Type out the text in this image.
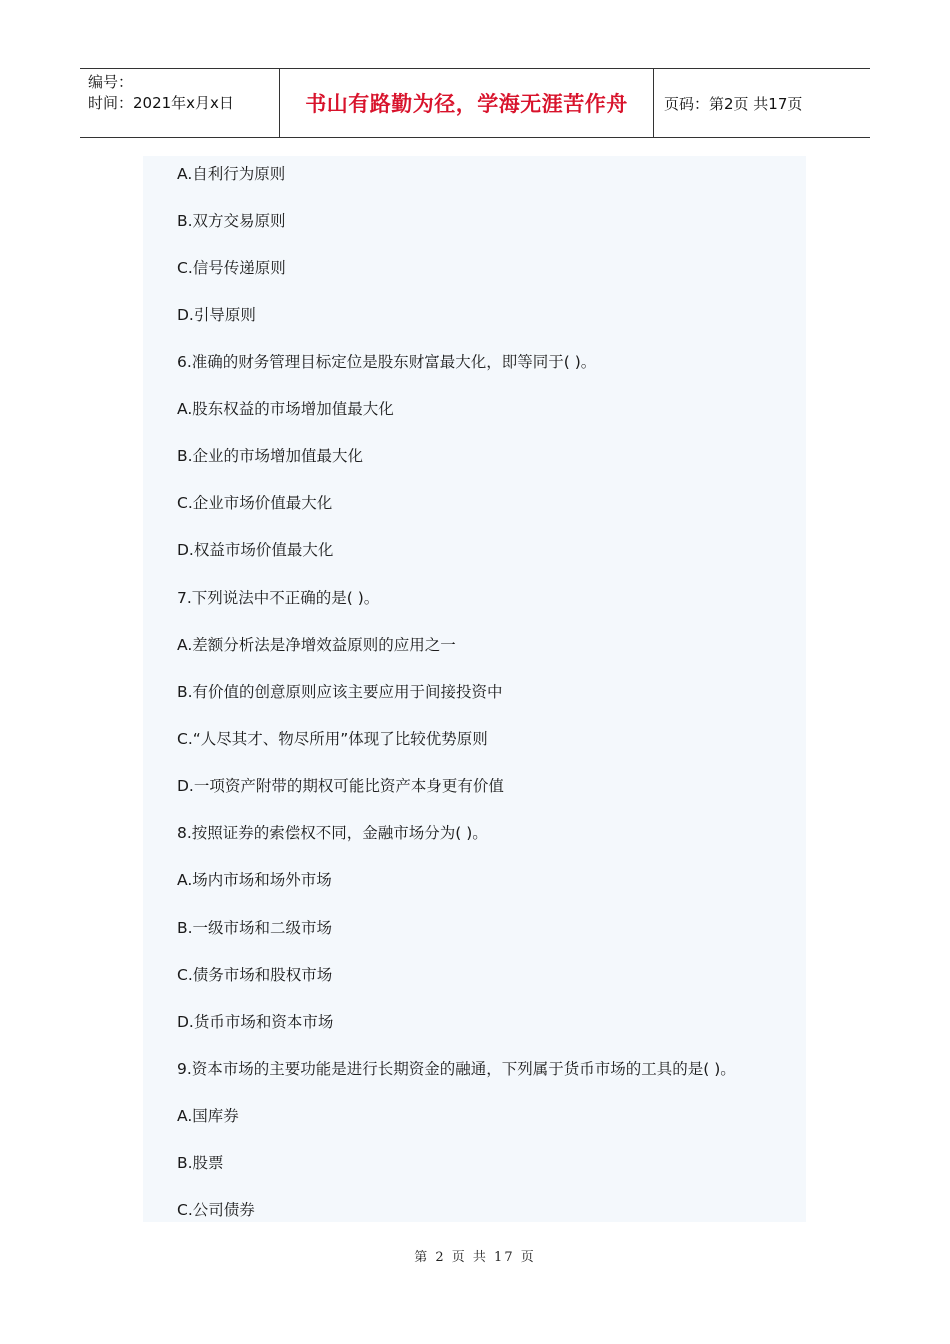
编号：
时间：2021年x月x日	书山有路勤为径，学海无涯苦作舟	页码：第2页 共17页
A.自利行为原则
B.双方交易原则
C.信号传递原则
D.引导原则
6.准确的财务管理目标定位是股东财富最大化，即等同于( )。
A.股东权益的市场增加值最大化
B.企业的市场增加值最大化
C.企业市场价值最大化
D.权益市场价值最大化
7.下列说法中不正确的是( )。
A.差额分析法是净增效益原则的应用之一
B.有价值的创意原则应该主要应用于间接投资中
C.“人尽其才、物尽所用”体现了比较优势原则
D.一项资产附带的期权可能比资产本身更有价值
8.按照证券的索偿权不同，金融市场分为( )。
A.场内市场和场外市场
B.一级市场和二级市场
C.债务市场和股权市场
D.货币市场和资本市场
9.资本市场的主要功能是进行长期资金的融通，下列属于货币市场的工具的是( )。
A.国库券
B.股票
C.公司债券
第 2 页 共 17 页
